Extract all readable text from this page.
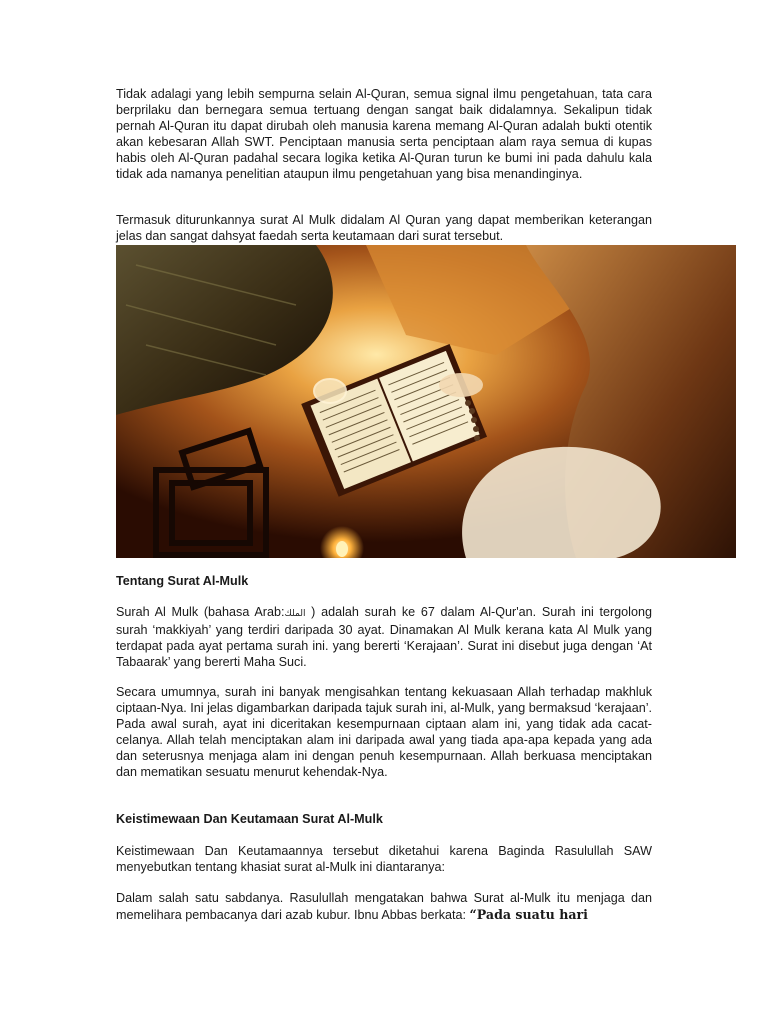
Tidak adalagi yang lebih sempurna selain Al-Quran, semua signal ilmu pengetahuan, tata cara berprilaku dan bernegara semua tertuang dengan sangat baik didalamnya. Sekalipun tidak pernah Al-Quran itu dapat dirubah oleh manusia karena memang Al-Quran adalah bukti otentik akan kebesaran Allah SWT. Penciptaan manusia serta penciptaan alam raya semua di kupas habis oleh Al-Quran padahal secara logika ketika Al-Quran turun ke bumi ini pada dahulu kala tidak ada namanya penelitian ataupun ilmu pengetahuan yang bisa menandinginya.

Termasuk diturunkannya surat Al Mulk didalam Al Quran yang dapat memberikan keterangan jelas dan sangat dahsyat faedah serta keutamaan dari surat tersebut.

Tentang Surat Al-Mulk

Surah Al Mulk (bahasa Arab:الملك ) adalah surah ke 67 dalam Al-Qur'an. Surah ini tergolong surah ‘makkiyah’ yang terdiri daripada 30 ayat. Dinamakan Al Mulk kerana kata Al Mulk yang terdapat pada ayat pertama surah ini. yang bererti ‘Kerajaan’. Surat ini disebut juga dengan ‘At Tabaarak’ yang bererti Maha Suci.

Secara umumnya, surah ini banyak mengisahkan tentang kekuasaan Allah terhadap makhluk ciptaan-Nya. Ini jelas digambarkan daripada tajuk surah ini, al-Mulk, yang bermaksud ‘kerajaan’. Pada awal surah, ayat ini diceritakan kesempurnaan ciptaan alam ini, yang tidak ada cacat-celanya. Allah telah menciptakan alam ini daripada awal yang tiada apa-apa kepada yang ada dan seterusnya menjaga alam ini dengan penuh kesempurnaan. Allah berkuasa menciptakan dan mematikan sesuatu menurut kehendak-Nya.

Keistimewaan Dan Keutamaan Surat Al-Mulk

Keistimewaan Dan Keutamaannya tersebut diketahui karena Baginda Rasulullah SAW menyebutkan tentang khasiat surat al-Mulk ini diantaranya:

Dalam salah satu sabdanya. Rasulullah mengatakan bahwa Surat al-Mulk itu menjaga dan memelihara pembacanya dari azab kubur. Ibnu Abbas berkata: “Pada suatu hari
